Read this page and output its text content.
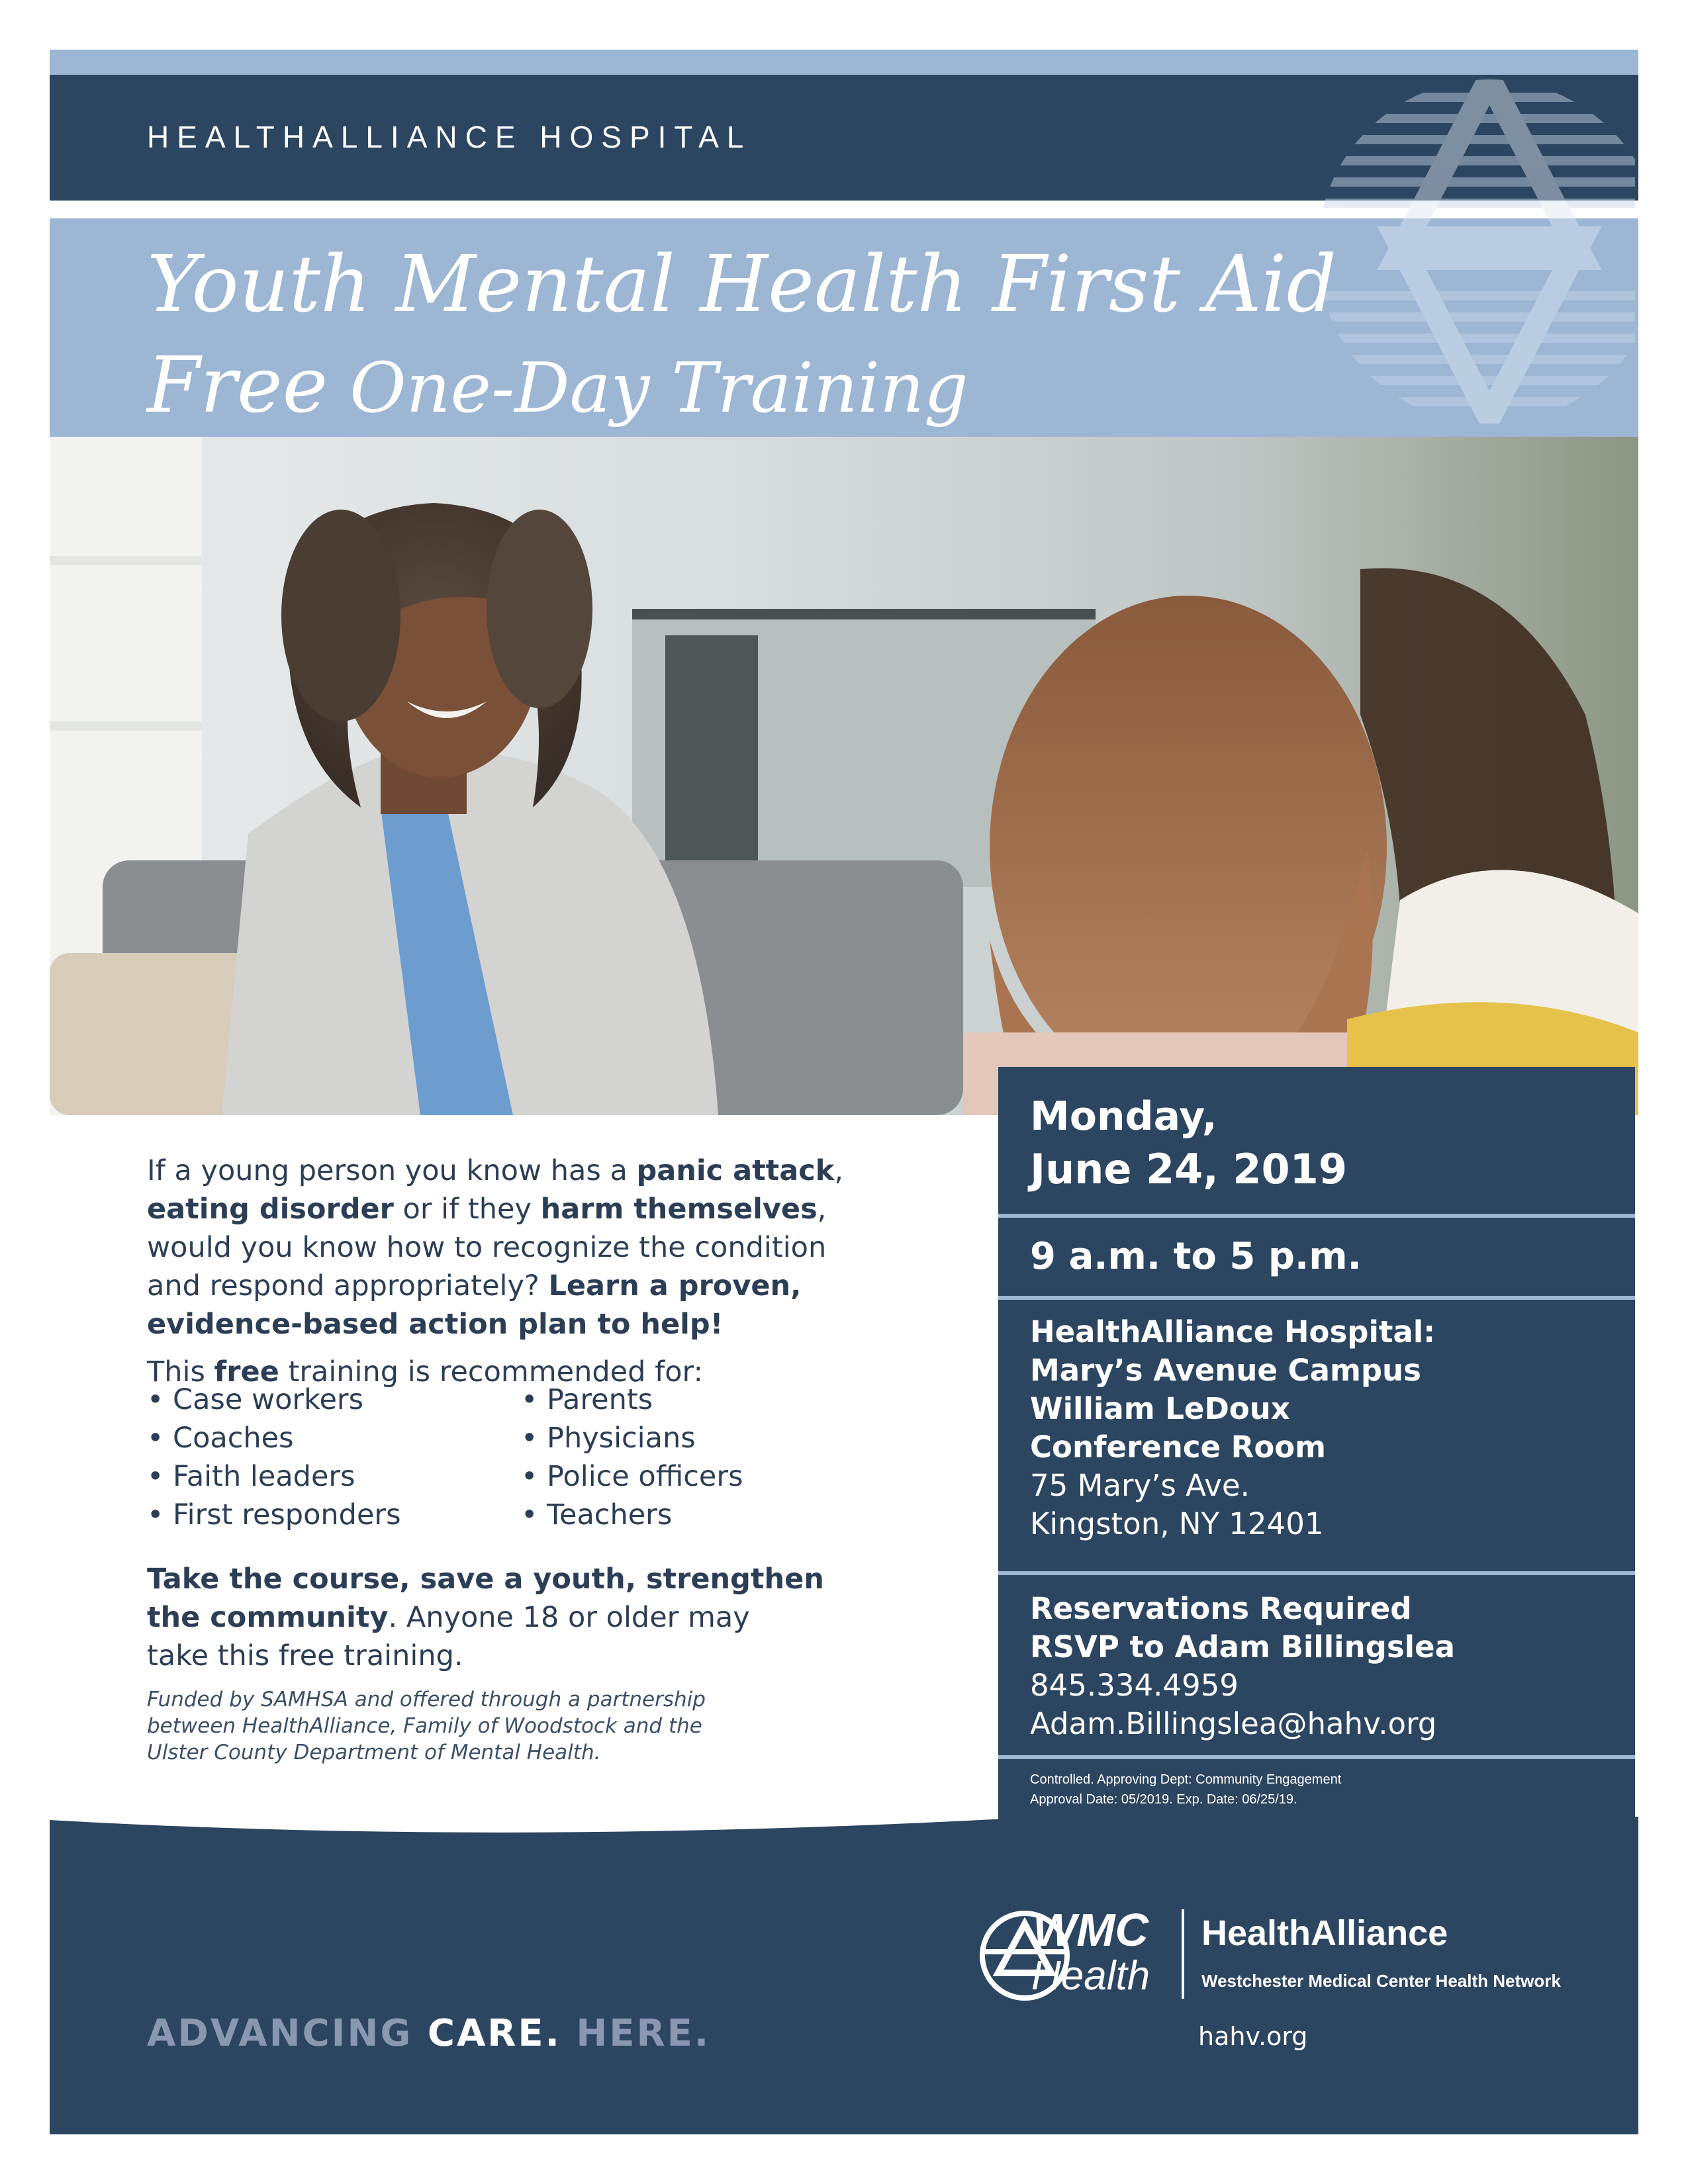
HEALTHALLIANCE HOSPITAL
Youth Mental Health First Aid
Free One-Day Training
If a young person you know has a panic attack,
eating disorder or if they harm themselves,
would you know how to recognize the condition
and respond appropriately? Learn a proven,
evidence-based action plan to help!
This free training is recommended for:
• Case workers	• Parents
• Coaches	• Physicians
• Faith leaders	• Police officers
• First responders	• Teachers
Take the course, save a youth, strengthen
the community. Anyone 18 or older may
take this free training.
Funded by SAMHSA and offered through a partnership
between HealthAlliance, Family of Woodstock and the
Ulster County Department of Mental Health.
Monday,
June 24, 2019
9 a.m. to 5 p.m.
HealthAlliance Hospital:
Mary’s Avenue Campus
William LeDoux
Conference Room
75 Mary’s Ave.
Kingston, NY 12401
Reservations Required
RSVP to Adam Billingslea
845.334.4959
Adam.Billingslea@hahv.org
Controlled. Approving Dept: Community Engagement
Approval Date: 05/2019. Exp. Date: 06/25/19.
ADVANCING CARE. HERE.
WMC
Health
HealthAlliance
Westchester Medical Center Health Network
hahv.org
